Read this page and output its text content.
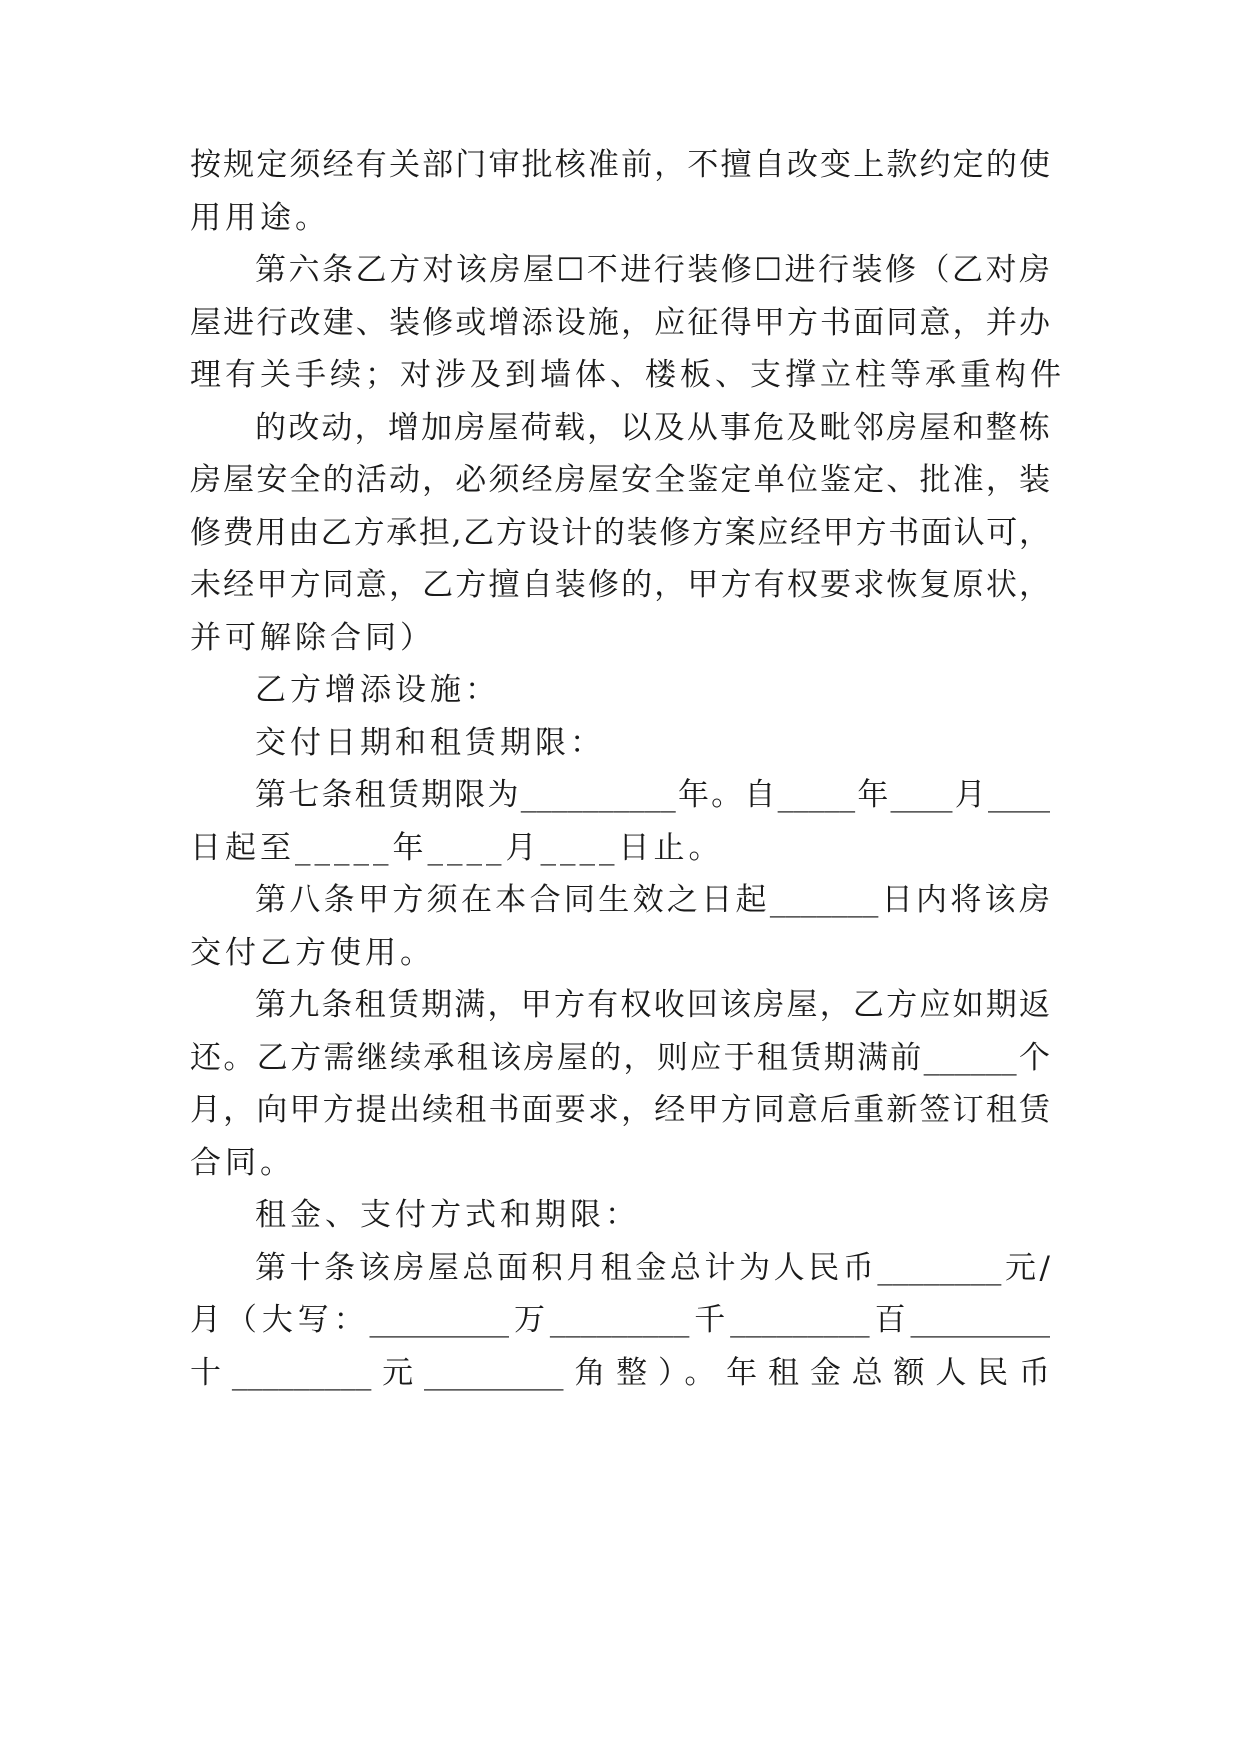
按规定须经有关部门审批核准前，不擅自改变上款约定的使
用用途。
第六条乙方对该房屋☐不进行装修☐进行装修（乙对房
屋进行改建、装修或增添设施，应征得甲方书面同意，并办
理有关手续；对涉及到墙体、楼板、支撑立柱等承重构件
的改动，增加房屋荷载，以及从事危及毗邻房屋和整栋
房屋安全的活动，必须经房屋安全鉴定单位鉴定、批准，装
修费用由乙方承担,乙方设计的装修方案应经甲方书面认可，
未经甲方同意，乙方擅自装修的，甲方有权要求恢复原状，
并可解除合同）
乙方增添设施：
交付日期和租赁期限：
第七条租赁期限为__________年。自_____年____月____
日起至_____年____月____日止。
第八条甲方须在本合同生效之日起_______日内将该房
交付乙方使用。
第九条租赁期满，甲方有权收回该房屋，乙方应如期返
还。乙方需继续承租该房屋的，则应于租赁期满前______个
月，向甲方提出续租书面要求，经甲方同意后重新签订租赁
合同。
租金、支付方式和期限：
第十条该房屋总面积月租金总计为人民币________元/
月（大写：_________万_________千_________百_________
十_________元_________角整）。年租金总额人民币
